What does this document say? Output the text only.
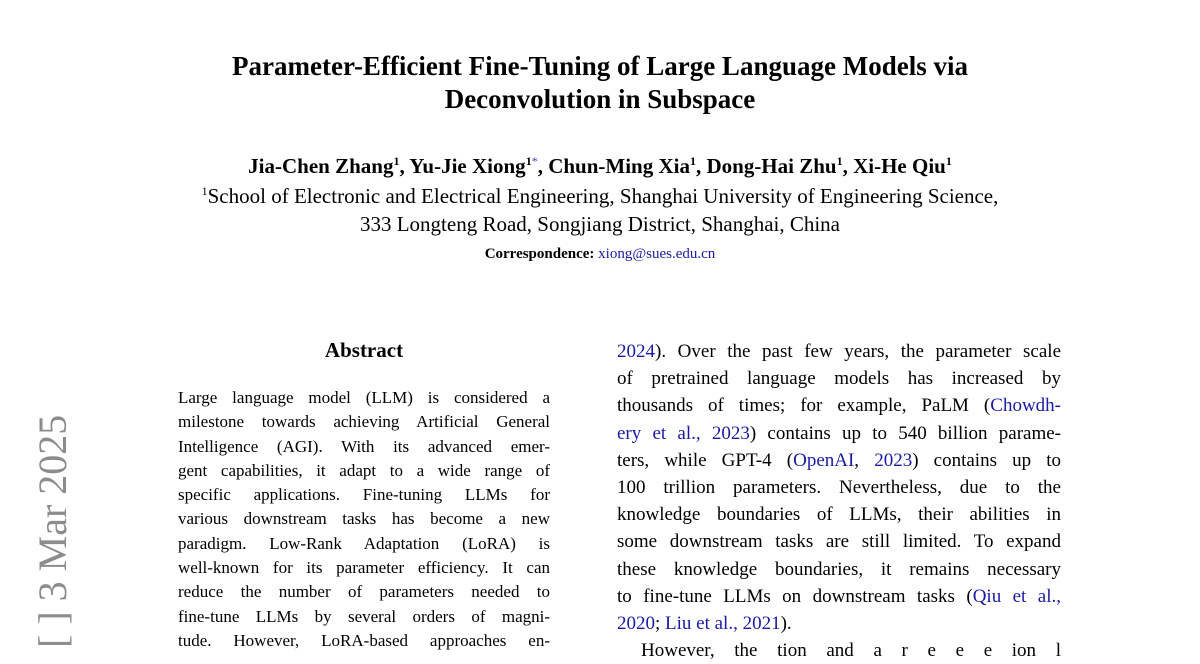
Parameter-Efficient Fine-Tuning of Large Language Models via
Deconvolution in Subspace
Jia-Chen Zhang$^1$, Yu-Jie Xiong$^{1*}$, Chun-Ming Xia$^1$, Dong-Hai Zhu$^1$, Xi-He Qiu$^1$
$^1$School of Electronic and Electrical Engineering, Shanghai University of Engineering Science,
333 Longteng Road, Songjiang District, Shanghai, China
Correspondence: xiong@sues.edu.cn
Abstract
Large language model (LLM) is considered a
milestone towards achieving Artificial General
Intelligence (AGI). With its advanced emer-
gent capabilities, it adapt to a wide range of
specific applications. Fine-tuning LLMs for
various downstream tasks has become a new
paradigm. Low-Rank Adaptation (LoRA) is
well-known for its parameter efficiency. It can
reduce the number of parameters needed to
fine-tune LLMs by several orders of magni-
tude. However, LoRA-based approaches en-
2024). Over the past few years, the parameter scale
of pretrained language models has increased by
thousands of times; for example, PaLM (Chowdh-
ery et al., 2023) contains up to 540 billion parame-
ters, while GPT-4 (OpenAI, 2023) contains up to
100 trillion parameters. Nevertheless, due to the
knowledge boundaries of LLMs, their abilities in
some downstream tasks are still limited. To expand
these knowledge boundaries, it remains necessary
to fine-tune LLMs on downstream tasks (Qiu et al.,
2020; Liu et al., 2021).
However, the tion and a r e e e ion l
[ ] 3 Mar 2025
